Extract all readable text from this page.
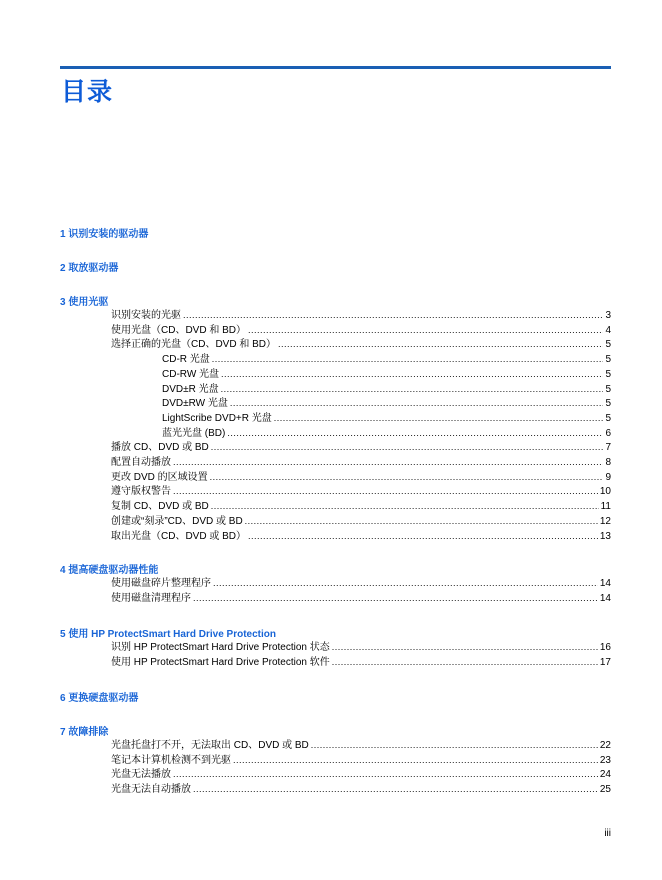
目录
1 识别安装的驱动器
2 取放驱动器
3 使用光驱
识别安装的光驱 .....	3
使用光盘（CD、DVD 和 BD） .....	4
选择正确的光盘（CD、DVD 和 BD） .....	5
CD-R 光盘 .....	5
CD-RW 光盘 .....	5
DVD±R 光盘 .....	5
DVD±RW 光盘 .....	5
LightScribe DVD+R 光盘 .....	5
蓝光光盘 (BD) .....	6
播放 CD、DVD 或 BD .....	7
配置自动播放 .....	8
更改 DVD 的区域设置 .....	9
遵守版权警告 .....	10
复制 CD、DVD 或 BD .....	11
创建或“刻录”CD、DVD 或 BD .....	12
取出光盘（CD、DVD 或 BD） .....	13
4 提高硬盘驱动器性能
使用磁盘碎片整理程序 .....	14
使用磁盘清理程序 .....	14
5 使用 HP ProtectSmart Hard Drive Protection
识别 HP ProtectSmart Hard Drive Protection 状态 .....	16
使用 HP ProtectSmart Hard Drive Protection 软件 .....	17
6 更换硬盘驱动器
7 故障排除
光盘托盘打不开，无法取出 CD、DVD 或 BD .....	22
笔记本计算机检测不到光驱 .....	23
光盘无法播放 .....	24
光盘无法自动播放 .....	25
iii
